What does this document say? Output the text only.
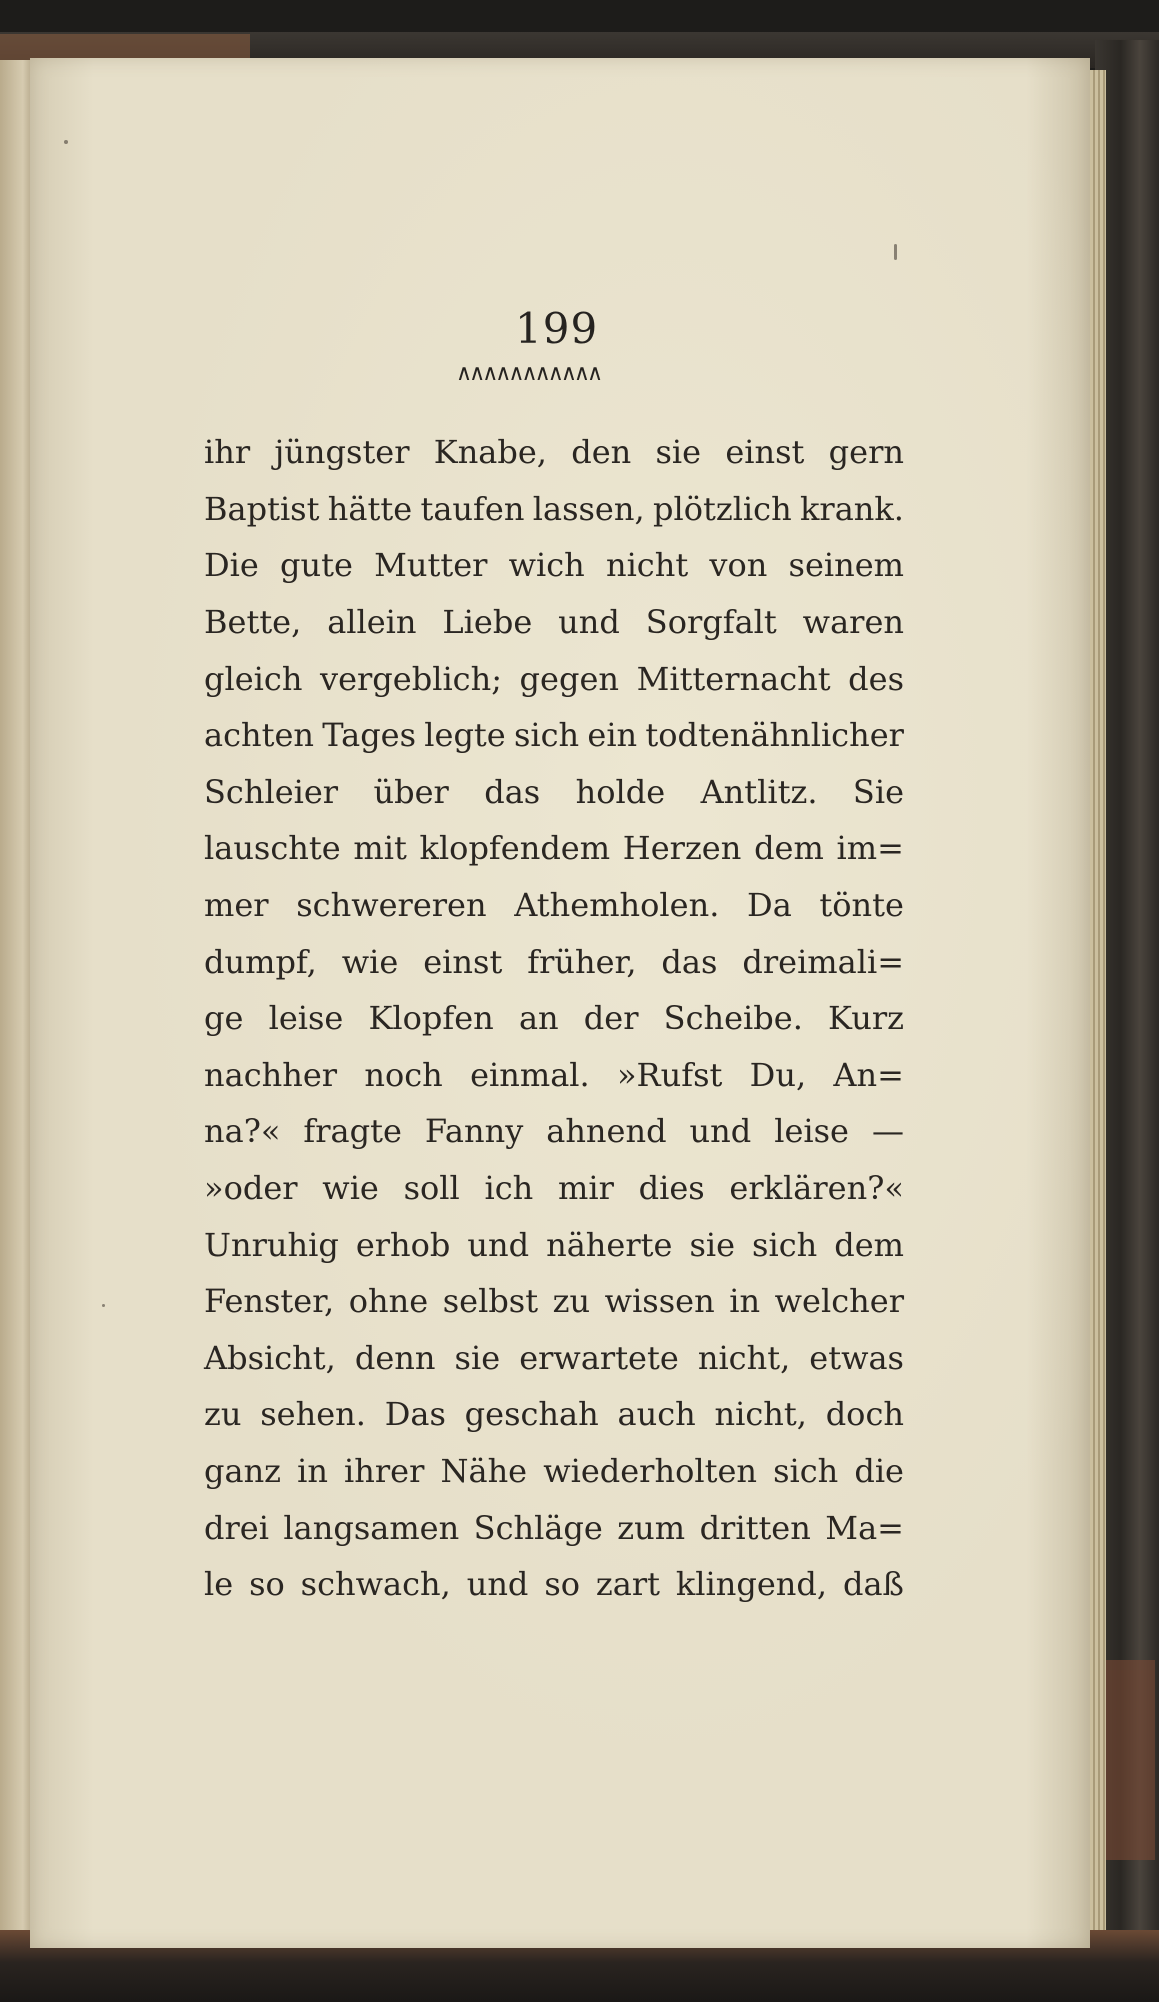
199
∧∧∧∧∧∧∧∧∧∧∧
ihr jüngster Knabe, den sie einst gern
Baptist hätte taufen lassen, plötzlich krank.
Die gute Mutter wich nicht von seinem
Bette, allein Liebe und Sorgfalt waren
gleich vergeblich; gegen Mitternacht des
achten Tages legte sich ein todtenähnlicher
Schleier über das holde Antlitz. Sie
lauschte mit klopfendem Herzen dem im=
mer schwereren Athemholen. Da tönte
dumpf, wie einst früher, das dreimali=
ge leise Klopfen an der Scheibe. Kurz
nachher noch einmal. »Rufst Du, An=
na?« fragte Fanny ahnend und leise —
»oder wie soll ich mir dies erklären?«
Unruhig erhob und näherte sie sich dem
Fenster, ohne selbst zu wissen in welcher
Absicht, denn sie erwartete nicht, etwas
zu sehen. Das geschah auch nicht, doch
ganz in ihrer Nähe wiederholten sich die
drei langsamen Schläge zum dritten Ma=
le so schwach, und so zart klingend, daß
